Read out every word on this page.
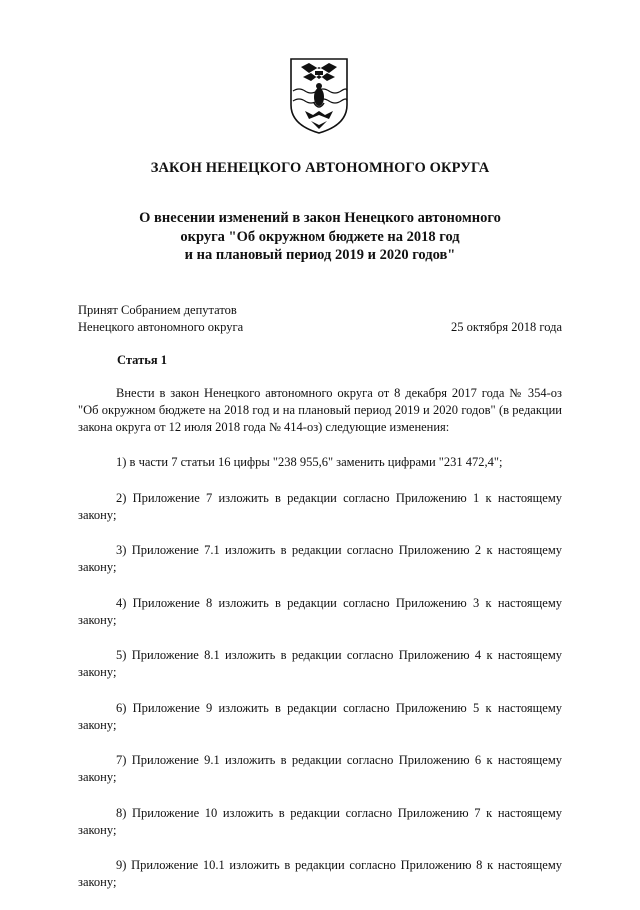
ЗАКОН НЕНЕЦКОГО АВТОНОМНОГО ОКРУГА
О внесении изменений в закон Ненецкого автономного
округа "Об окружном бюджете на 2018 год
и на плановый период 2019 и 2020 годов"
Принят Собранием депутатов
Ненецкого автономного округа	25 октября 2018 года
Статья 1

Внести в закон Ненецкого автономного округа от 8 декабря 2017 года № 354-оз "Об окружном бюджете на 2018 год и на плановый период 2019 и 2020 годов" (в редакции закона округа от 12 июля 2018 года № 414-оз) следующие изменения:

1) в части 7 статьи 16 цифры "238 955,6" заменить цифрами "231 472,4";

2) Приложение 7 изложить в редакции согласно Приложению 1 к настоящему закону;

3) Приложение 7.1 изложить в редакции согласно Приложению 2 к настоящему закону;

4) Приложение 8 изложить в редакции согласно Приложению 3 к настоящему закону;

5) Приложение 8.1 изложить в редакции согласно Приложению 4 к настоящему закону;

6) Приложение 9 изложить в редакции согласно Приложению 5 к настоящему закону;

7) Приложение 9.1 изложить в редакции согласно Приложению 6 к настоящему закону;

8) Приложение 10 изложить в редакции согласно Приложению 7 к настоящему закону;

9) Приложение 10.1 изложить в редакции согласно Приложению 8 к настоящему закону;
